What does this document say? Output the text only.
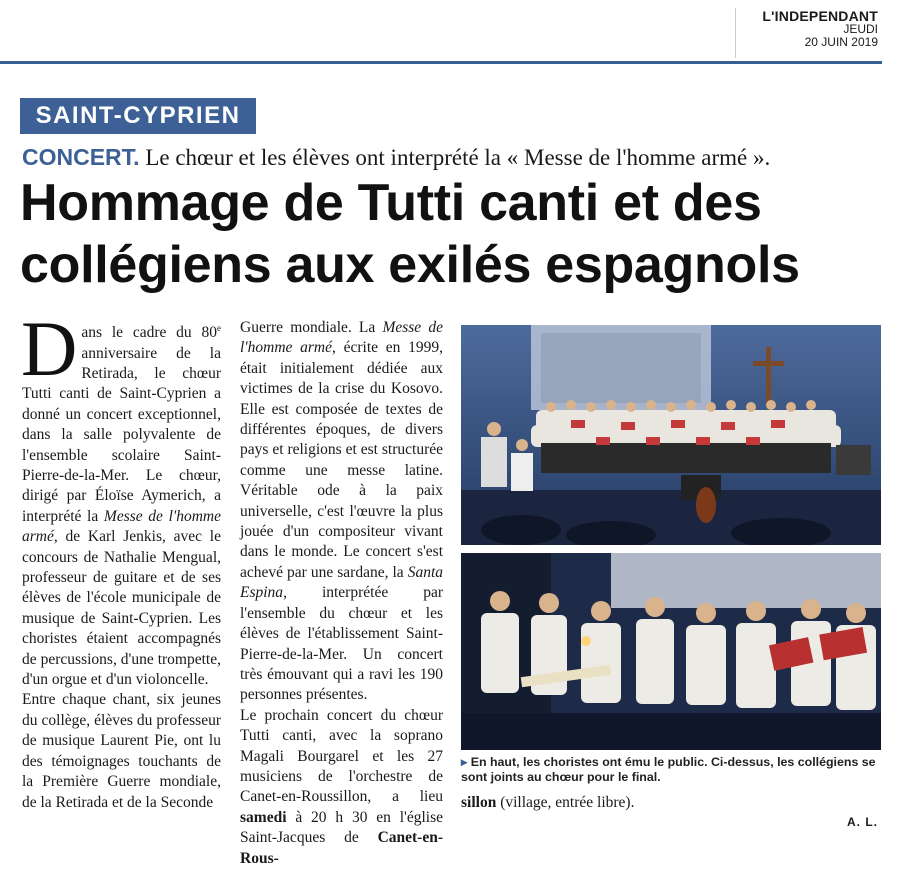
L'INDEPENDANT
JEUDI
20 JUIN 2019
SAINT-CYPRIEN
CONCERT. Le chœur et les élèves ont interprété la « Messe de l'homme armé ».
Hommage de Tutti canti et des
collégiens aux exilés espagnols

Dans le cadre du 80e anniversaire de la Retirada, le chœur Tutti canti de Saint-Cyprien a donné un concert exceptionnel, dans la salle polyvalente de l'ensemble scolaire Saint-Pierre-de-la-Mer. Le chœur, dirigé par Éloïse Aymerich, a interprété la Messe de l'homme armé, de Karl Jenkis, avec le concours de Nathalie Mengual, professeur de guitare et de ses élèves de l'école municipale de musique de Saint-Cyprien. Les choristes étaient accompagnés de percussions, d'une trompette, d'un orgue et d'un violoncelle.

Entre chaque chant, six jeunes du collège, élèves du professeur de musique Laurent Pie, ont lu des témoignages touchants de la Première Guerre mondiale, de la Retirada et de la Seconde

Guerre mondiale. La Messe de l'homme armé, écrite en 1999, était initialement dédiée aux victimes de la crise du Kosovo. Elle est composée de textes de différentes époques, de divers pays et religions et est structurée comme une messe latine. Véritable ode à la paix universelle, c'est l'œuvre la plus jouée d'un compositeur vivant dans le monde. Le concert s'est achevé par une sardane, la Santa Espina, interprétée par l'ensemble du chœur et les élèves de l'établissement Saint-Pierre-de-la-Mer. Un concert très émouvant qui a ravi les 190 personnes présentes.

Le prochain concert du chœur Tutti canti, avec la soprano Magali Bourgarel et les 27 musiciens de l'orchestre de Canet-en-Roussillon, a lieu samedi à 20 h 30 en l'église Saint-Jacques de Canet-en-Rous-

▸ En haut, les choristes ont ému le public. Ci-dessus, les collégiens se sont joints au chœur pour le final.
sillon (village, entrée libre).
A. L.
